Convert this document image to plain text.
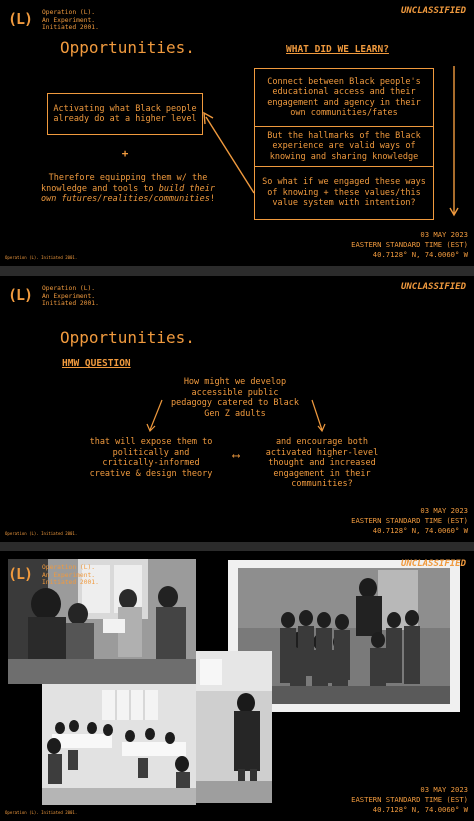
(L) Operation (L).
An Experiment.
Initiated 2001.
UNCLASSIFIED
Opportunities.	WHAT DID WE LEARN?
Activating what Black people already do at a higher level
+
Therefore equipping them w/ the knowledge and tools to build their own futures/realities/communities!
Connect between Black people's educational access and their engagement and agency in their own communities/fates
But the hallmarks of the Black experience are valid ways of knowing and sharing knowledge
So what if we engaged these ways of knowing + these values/this value system with intention?
Operation (L). Initiated 2001.
03 MAY 2023
EASTERN STANDARD TIME (EST)
40.7128° N, 74.0060° W
(L) Operation (L).
An Experiment.
Initiated 2001.
UNCLASSIFIED
Opportunities.
HMW QUESTION
How might we develop accessible public pedagogy catered to Black Gen Z adults
that will expose them to politically and critically-informed creative & design theory
⟷
and encourage both activated higher-level thought and increased engagement in their communities?
Operation (L). Initiated 2001.
03 MAY 2023
EASTERN STANDARD TIME (EST)
40.7128° N, 74.0060° W
(L) Operation (L).
An Experiment.
Initiated 2001.
UNCLASSIFIED
Operation (L). Initiated 2001.
03 MAY 2023
EASTERN STANDARD TIME (EST)
40.7128° N, 74.0060° W
